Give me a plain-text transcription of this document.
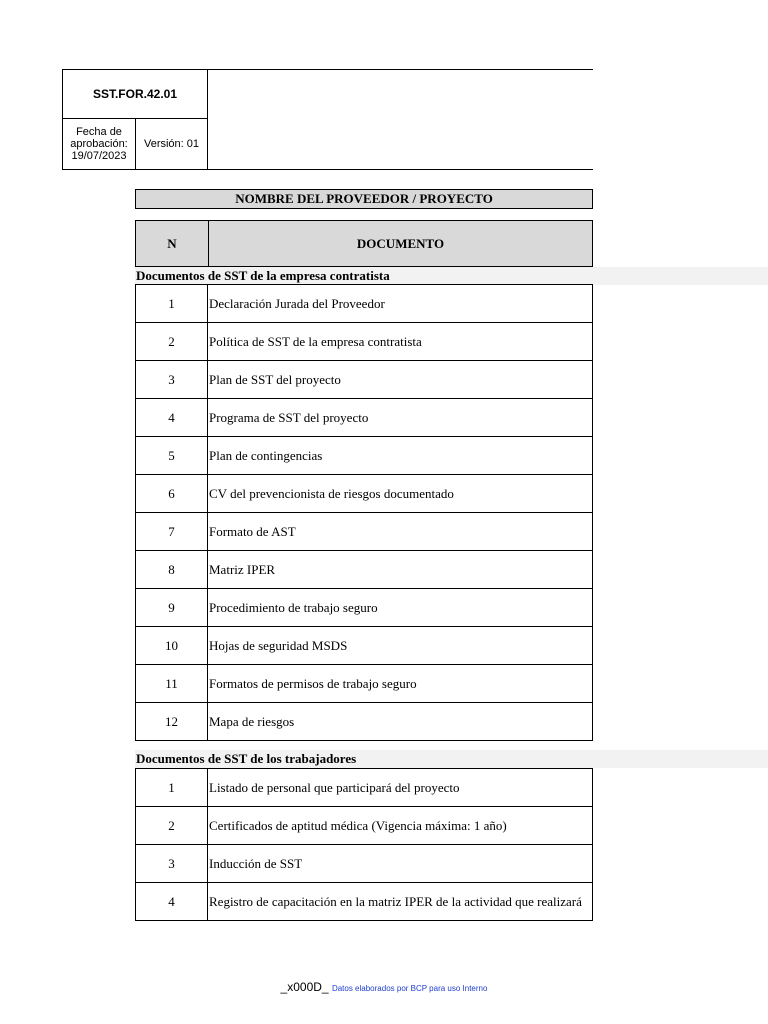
SST.FOR.42.01
Fecha de aprobación:
19/07/2023
Versión: 01
NOMBRE DEL PROVEEDOR / PROYECTO
N	DOCUMENTO
Documentos de SST de la empresa contratista
1	Declaración Jurada del Proveedor
2	Política de SST de la empresa contratista
3	Plan de SST del proyecto
4	Programa de SST del proyecto
5	Plan de contingencias
6	CV del prevencionista de riesgos documentado
7	Formato de AST
8	Matriz IPER
9	Procedimiento de trabajo seguro
10	Hojas de seguridad MSDS
11	Formatos de permisos de trabajo seguro
12	Mapa de riesgos
Documentos de SST de los trabajadores
1	Listado de personal que participará del proyecto
2	Certificados de aptitud médica (Vigencia máxima: 1 año)
3	Inducción de SST
4	Registro de capacitación en la matriz IPER de la actividad que realizará
_x000D_ Datos elaborados por BCP para uso Interno
